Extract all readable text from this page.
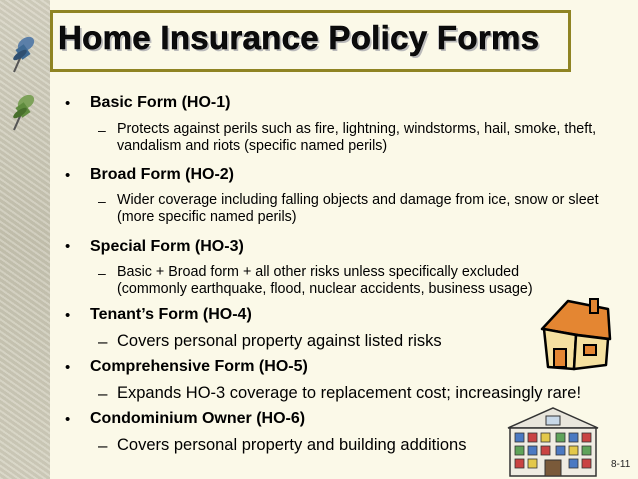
Home Insurance Policy Forms
• Basic Form (HO-1)
– Protects against perils such as fire, lightning, windstorms, hail, smoke, theft, vandalism and riots (specific named perils)
• Broad Form (HO-2)
– Wider coverage including falling objects and damage from ice, snow or sleet (more specific named perils)
• Special Form (HO-3)
– Basic + Broad form + all other risks unless specifically excluded (commonly earthquake, flood, nuclear accidents, business usage)
• Tenant’s Form (HO-4)
– Covers personal property against listed risks
• Comprehensive Form (HO-5)
– Expands HO-3 coverage to replacement cost; increasingly rare!
• Condominium Owner (HO-6)
– Covers personal property and building additions
8-11
